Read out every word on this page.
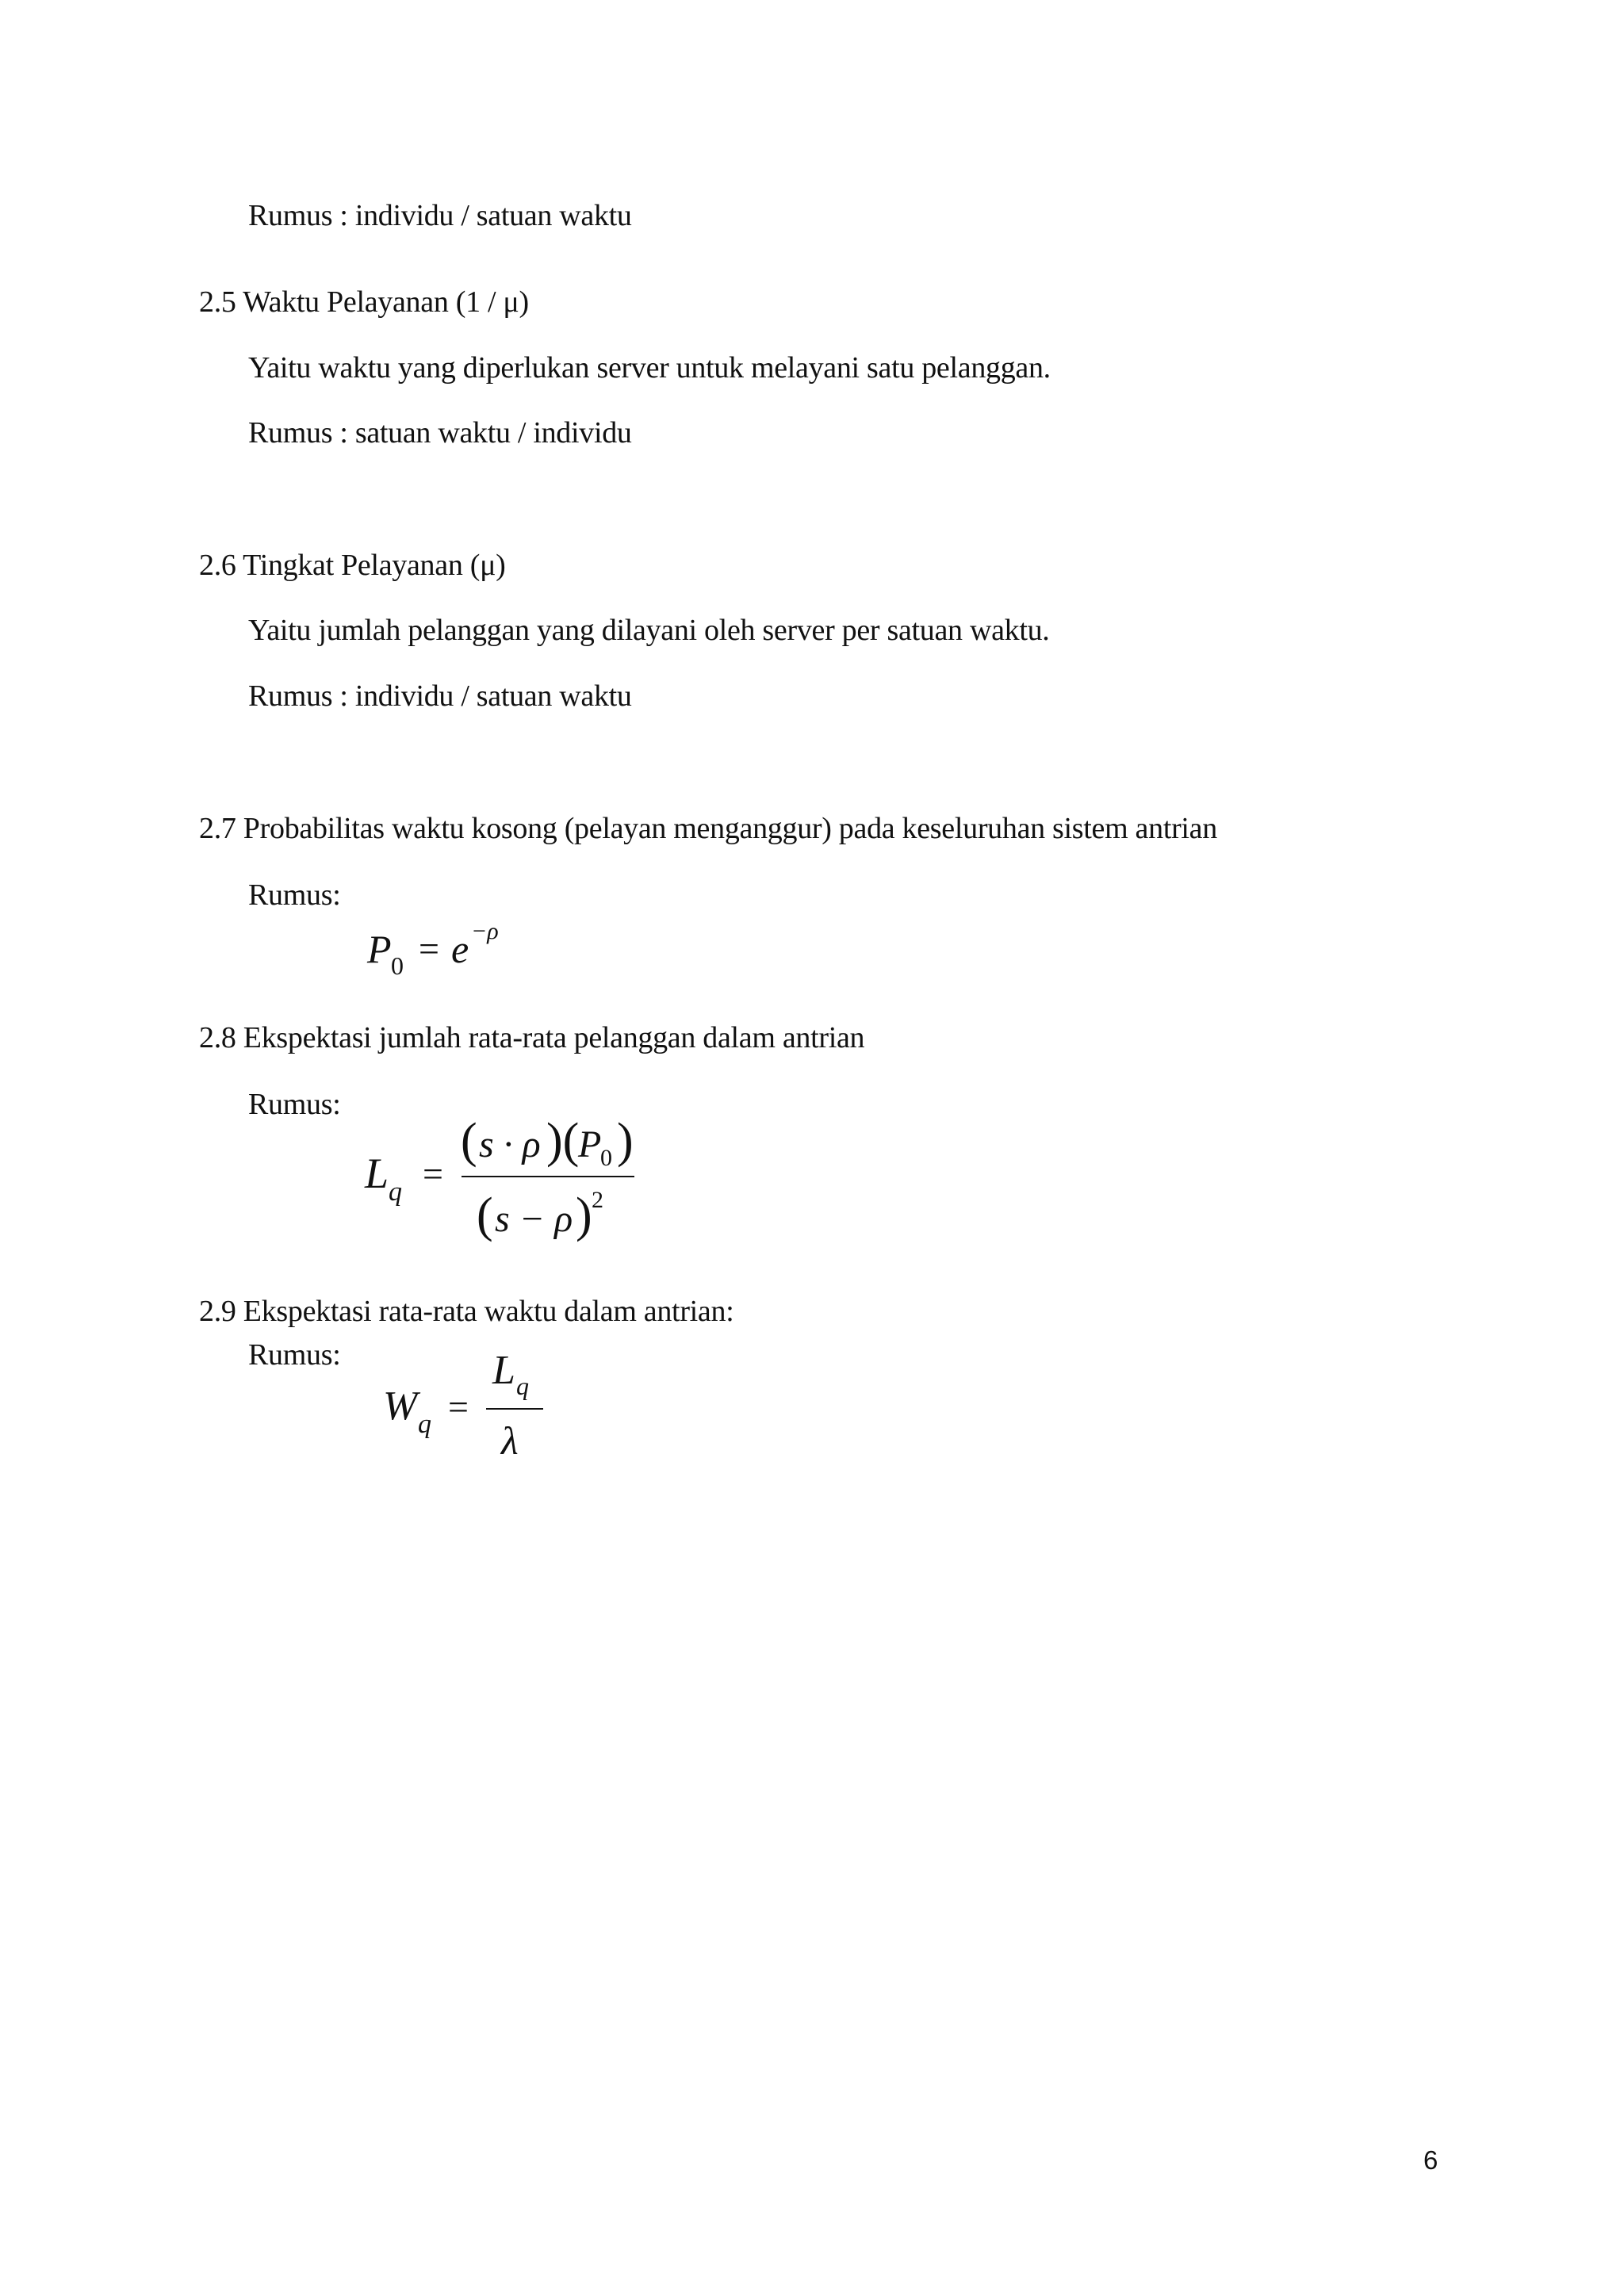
Rumus : individu / satuan waktu
2.5 Waktu Pelayanan (1 / μ)
Yaitu waktu yang diperlukan server untuk melayani satu pelanggan.
Rumus : satuan waktu / individu
2.6 Tingkat Pelayanan (μ)
Yaitu jumlah pelanggan yang dilayani oleh server per satuan waktu.
Rumus : individu / satuan waktu
2.7 Probabilitas waktu kosong (pelayan menganggur) pada keseluruhan sistem antrian
Rumus:
P 0 = e −ρ
2.8 Ekspektasi jumlah rata-rata pelanggan dalam antrian
Rumus:
L q =
( s · ρ )(
P
0 )
( s − ρ ) 2
2.9 Ekspektasi rata-rata waktu dalam antrian:
Rumus:
W q =
L q
λ
6
